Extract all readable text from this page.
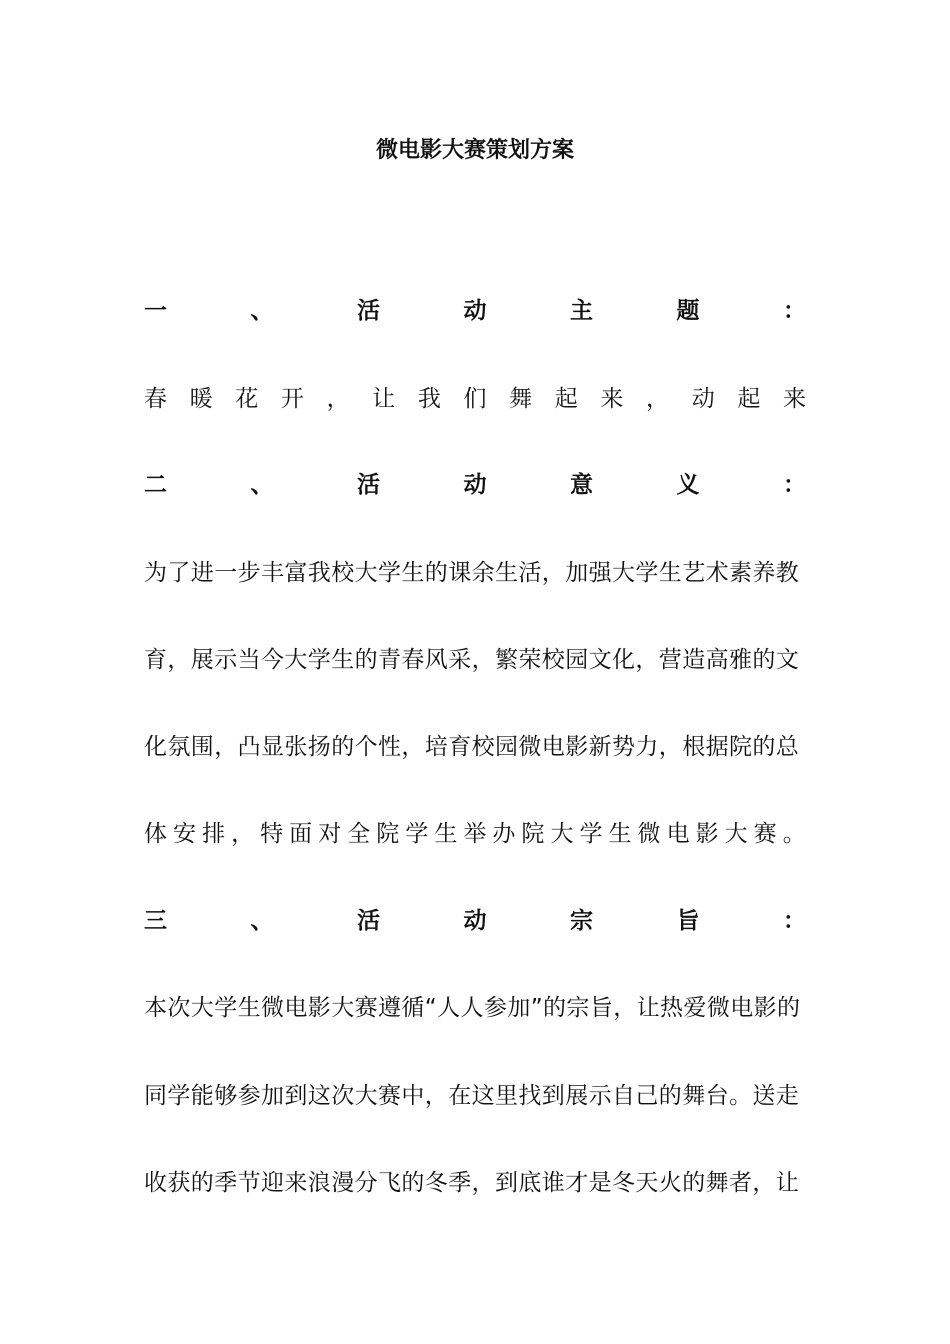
微电影大赛策划方案
一	、	活	动	主	题	：
春 暖 花 开 ， 让 我 们 舞 起 来 ， 动 起 来
二	、	活	动	意	义	：
为了进一步丰富我校大学生的课余生活，加强大学生艺术素养教
育，展示当今大学生的青春风采，繁荣校园文化，营造高雅的文
化氛围，凸显张扬的个性，培育校园微电影新势力，根据院的总
体 安 排 ， 特 面 对 全 院 学 生 举 办 院 大 学 生 微 电 影 大 赛 。
三	、	活	动	宗	旨	：
本次大学生微电影大赛遵循“人人参加”的宗旨，让热爱微电影的
同学能够参加到这次大赛中，在这里找到展示自己的舞台。送走
收获的季节迎来浪漫分飞的冬季，到底谁才是冬天火的舞者，让
